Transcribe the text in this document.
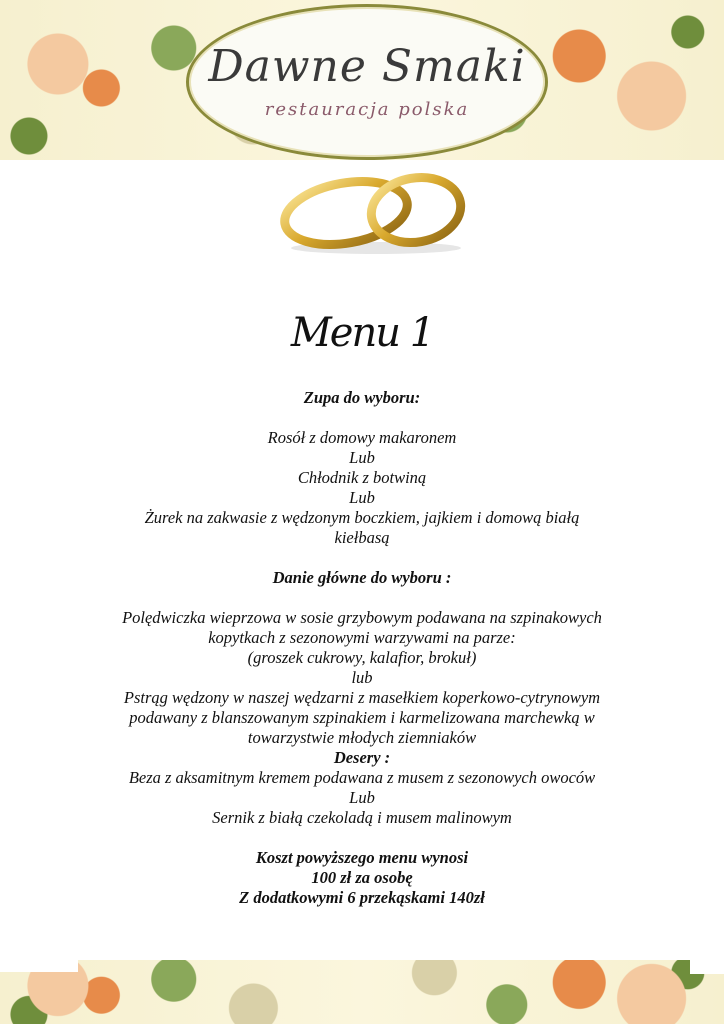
Dawne Smaki
restauracja polska
Menu 1

Zupa do wyboru:

Rosół z domowy makaronem

Lub

Chłodnik z botwiną

Lub

Żurek na zakwasie z wędzonym boczkiem, jajkiem i domową białą

kiełbasą

Danie główne do wyboru :

Polędwiczka wieprzowa w sosie grzybowym podawana na szpinakowych

kopytkach z sezonowymi warzywami na parze:

(groszek cukrowy, kalafior, brokuł)

lub

Pstrąg wędzony w naszej wędzarni z masełkiem koperkowo-cytrynowym

podawany z blanszowanym szpinakiem i karmelizowana marchewką w

towarzystwie młodych ziemniaków

Desery :

Beza z aksamitnym kremem podawana z musem z sezonowych owoców

Lub

Sernik z białą czekoladą i musem malinowym

Koszt powyższego menu wynosi

100 zł za osobę

Z dodatkowymi 6 przekąskami 140zł
